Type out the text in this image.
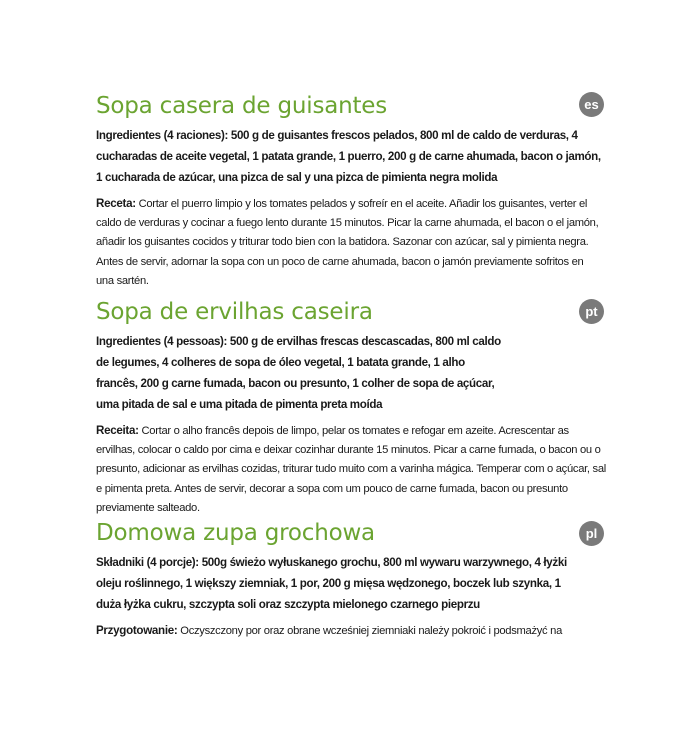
es
Sopa casera de guisantes

Ingredientes (4 raciones): 500 g de guisantes frescos pelados, 800 ml de caldo de verduras, 4 cucharadas de aceite vegetal, 1 patata grande, 1 puerro, 200 g de carne ahumada, bacon o jamón, 1 cucharada de azúcar, una pizca de sal y una pizca de pimienta negra molida

Receta: Cortar el puerro limpio y los tomates pelados y sofreír en el aceite. Añadir los guisantes, verter el caldo de verduras y cocinar a fuego lento durante 15 minutos. Picar la carne ahumada, el bacon o el jamón, añadir los guisantes cocidos y triturar todo bien con la batidora. Sazonar con azúcar, sal y pimienta negra. Antes de servir, adornar la sopa con un poco de carne ahumada, bacon o jamón previamente sofritos en una sartén.

pt
Sopa de ervilhas caseira

Ingredientes (4 pessoas): 500 g de ervilhas frescas descascadas, 800 ml caldo de legumes, 4 colheres de sopa de óleo vegetal, 1 batata grande, 1 alho francês, 200 g carne fumada, bacon ou presunto, 1 colher de sopa de açúcar, uma pitada de sal e uma pitada de pimenta preta moída

Receita: Cortar o alho francês depois de limpo, pelar os tomates e refogar em azeite. Acrescentar as ervilhas, colocar o caldo por cima e deixar cozinhar durante 15 minutos. Picar a carne fumada, o bacon ou o presunto, adicionar as ervilhas cozidas, triturar tudo muito com a varinha mágica. Temperar com o açúcar, sal e pimenta preta. Antes de servir, decorar a sopa com um pouco de carne fumada, bacon ou presunto previamente salteado.

pl
Domowa zupa grochowa

Składniki (4 porcje): 500g świeżo wyłuskanego grochu, 800 ml wywaru warzywnego, 4 łyżki oleju roślinnego, 1 większy ziemniak, 1 por, 200 g mięsa wędzonego, boczek lub szynka, 1 duża łyżka cukru, szczypta soli oraz szczypta mielonego czarnego pieprzu

Przygotowanie: Oczyszczony por oraz obrane wcześniej ziemniaki należy pokroić i podsmażyć na
